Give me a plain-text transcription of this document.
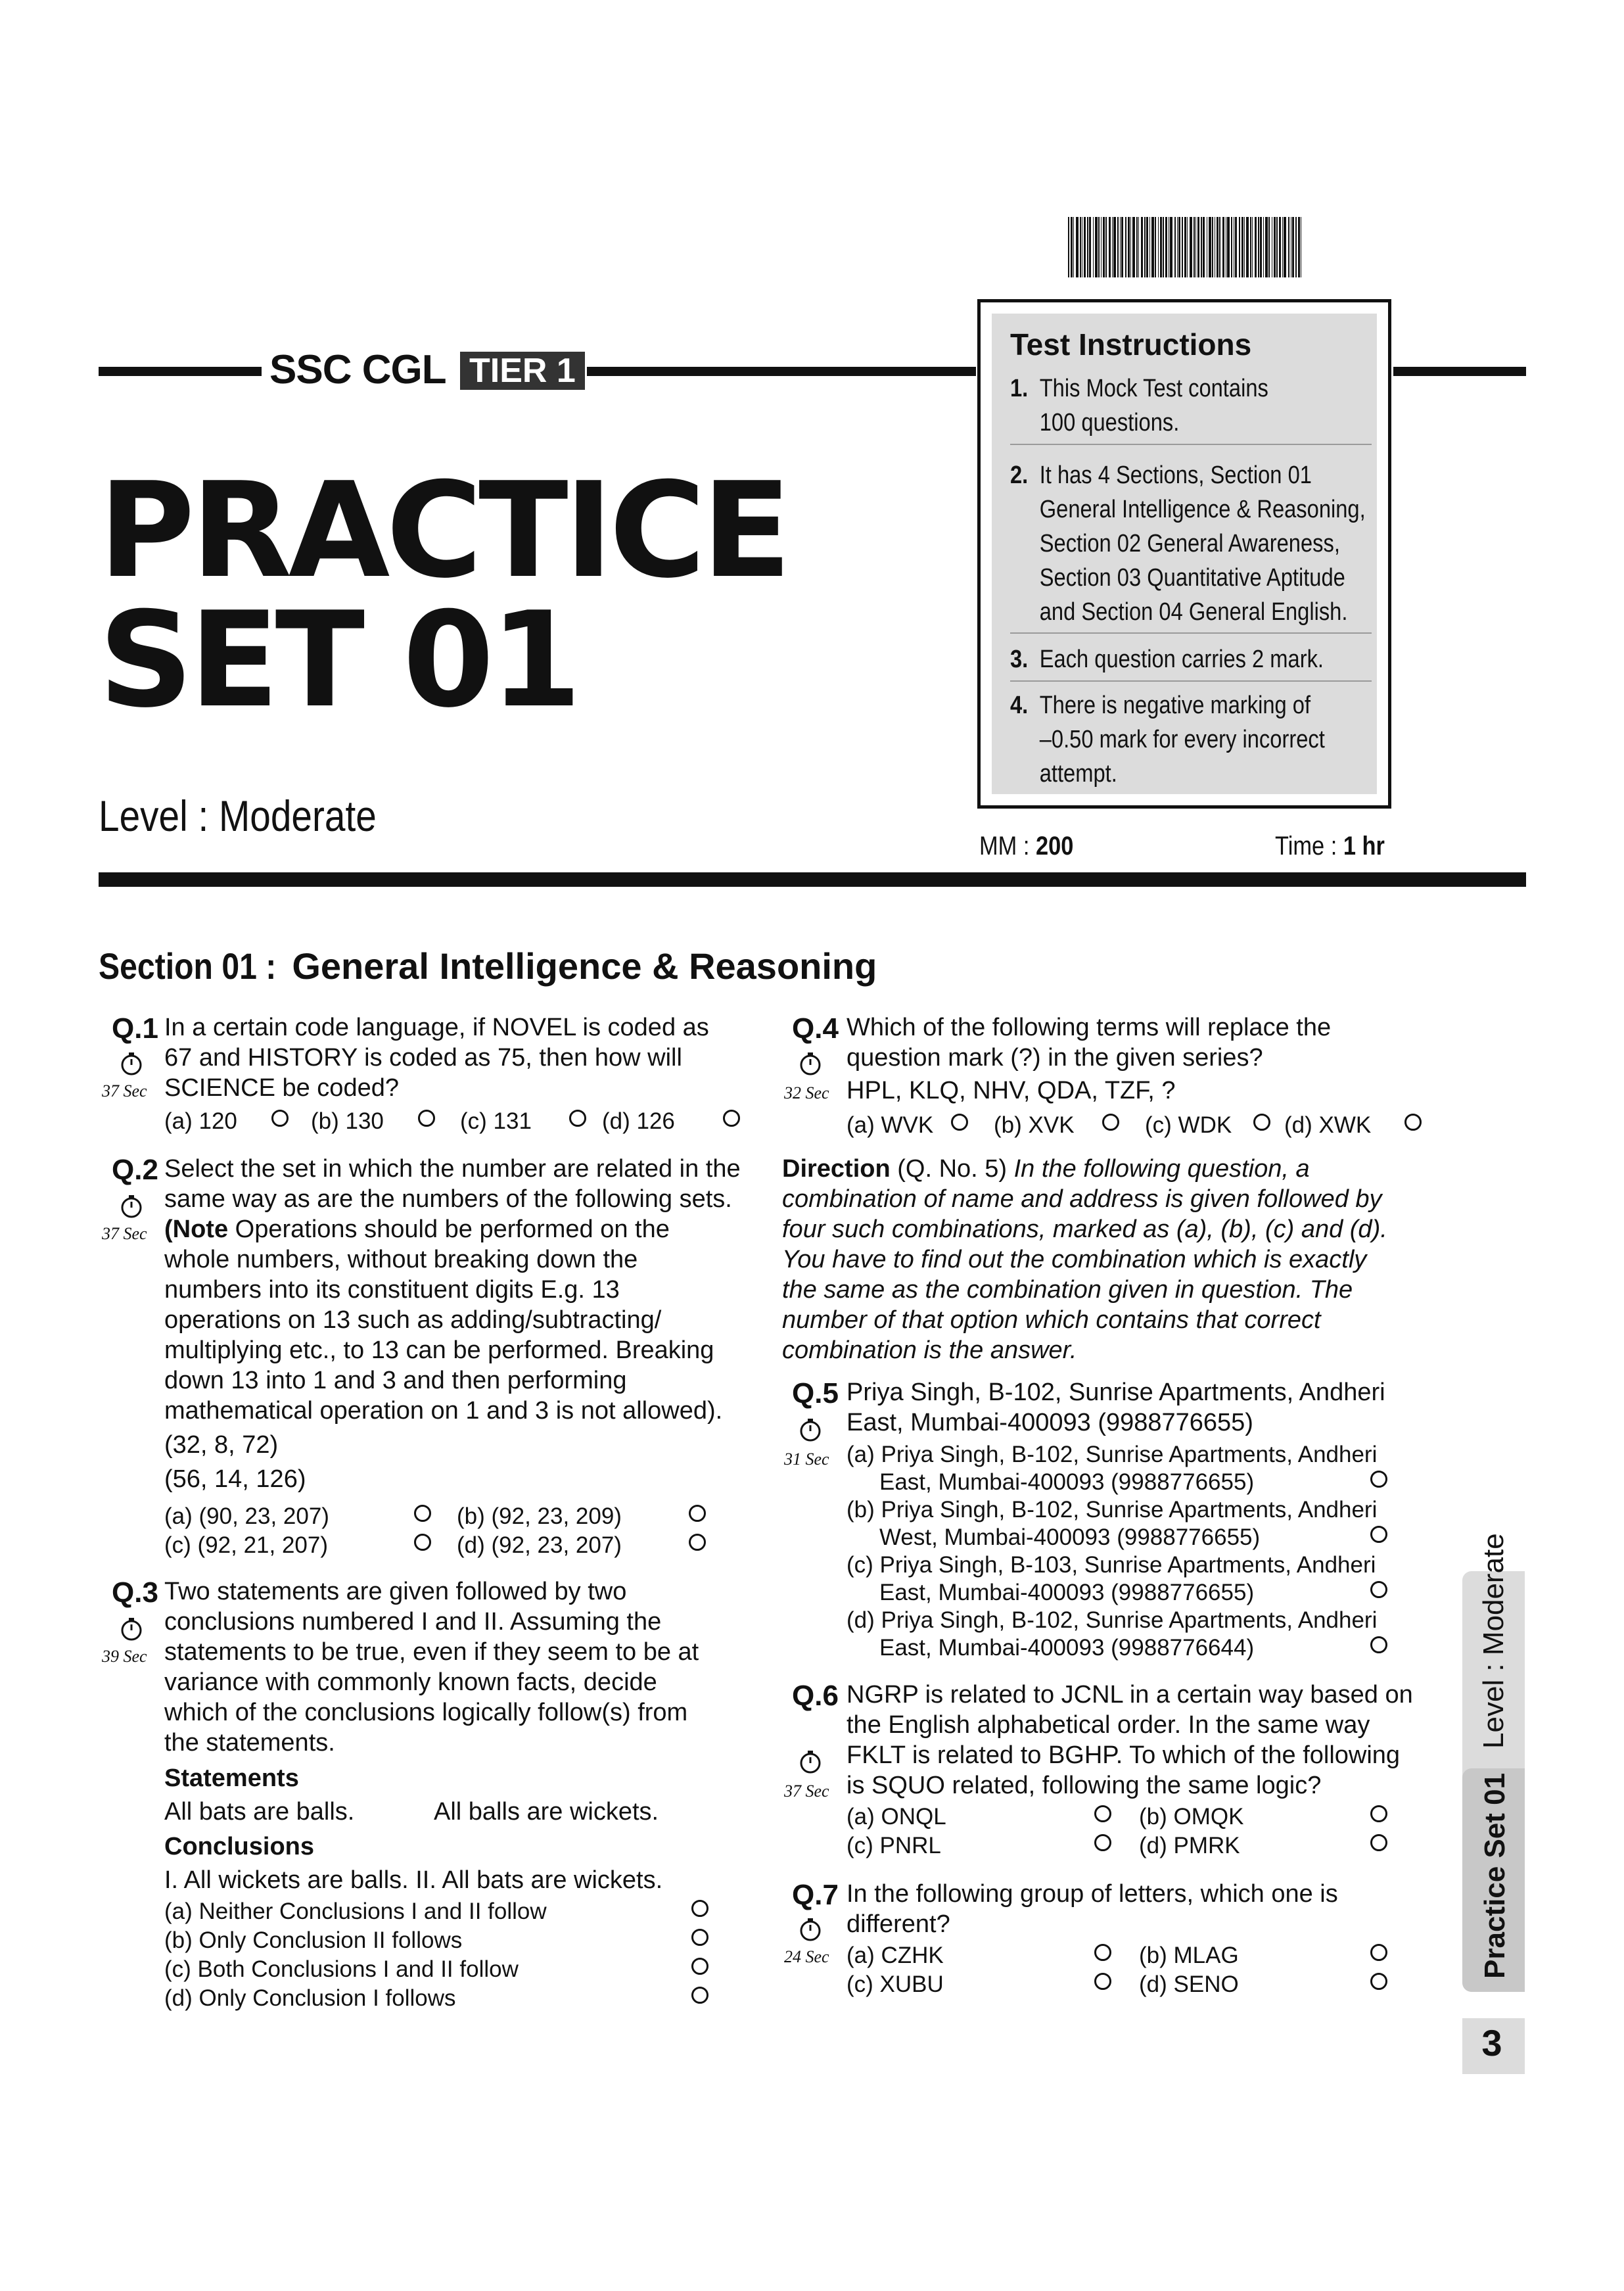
SSC CGL TIER 1
PRACTICE
SET 01
Level : Moderate
Test Instructions
1. This Mock Test contains
100 questions.
2. It has 4 Sections, Section 01
General Intelligence & Reasoning,
Section 02 General Awareness,
Section 03 Quantitative Aptitude
and Section 04 General English.
3. Each question carries 2 mark.
4. There is negative marking of
–0.50 mark for every incorrect
attempt.
MM : 200	Time : 1 hr
Section 01 :General Intelligence & Reasoning
Q.1
37 Sec
In a certain code language, if NOVEL is coded as
67 and HISTORY is coded as 75, then how will
SCIENCE be coded?
(a) 120	(b) 130	(c) 131	(d) 126
Q.2
37 Sec
Select the set in which the number are related in the
same way as are the numbers of the following sets.
(Note Operations should be performed on the
whole numbers, without breaking down the
numbers into its constituent digits E.g. 13
operations on 13 such as adding/subtracting/
multiplying etc., to 13 can be performed. Breaking
down 13 into 1 and 3 and then performing
mathematical operation on 1 and 3 is not allowed).
(32, 8, 72)
(56, 14, 126)
(a) (90, 23, 207)	(b) (92, 23, 209)
(c) (92, 21, 207)	(d) (92, 23, 207)
Q.3
39 Sec
Two statements are given followed by two
conclusions numbered I and II. Assuming the
statements to be true, even if they seem to be at
variance with commonly known facts, decide
which of the conclusions logically follow(s) from
the statements.
Statements
All bats are balls.	All balls are wickets.
Conclusions
I. All wickets are balls. II. All bats are wickets.
(a) Neither Conclusions I and II follow
(b) Only Conclusion II follows
(c) Both Conclusions I and II follow
(d) Only Conclusion I follows
Q.4
32 Sec
Which of the following terms will replace the
question mark (?) in the given series?
HPL, KLQ, NHV, QDA, TZF, ?
(a) WVK	(b) XVK	(c) WDK (d) XWK
Direction (Q. No. 5) In the following question, a
combination of name and address is given followed by
four such combinations, marked as (a), (b), (c) and (d).
You have to find out the combination which is exactly
the same as the combination given in question. The
number of that option which contains that correct
combination is the answer.
Q.5
31 Sec
Priya Singh, B-102, Sunrise Apartments, Andheri
East, Mumbai-400093 (9988776655)
(a) Priya Singh, B-102, Sunrise Apartments, Andheri
East, Mumbai-400093 (9988776655)
(b) Priya Singh, B-102, Sunrise Apartments, Andheri
West, Mumbai-400093 (9988776655)
(c) Priya Singh, B-103, Sunrise Apartments, Andheri
East, Mumbai-400093 (9988776655)
(d) Priya Singh, B-102, Sunrise Apartments, Andheri
East, Mumbai-400093 (9988776644)
Q.6
37 Sec
NGRP is related to JCNL in a certain way based on
the English alphabetical order. In the same way
FKLT is related to BGHP. To which of the following
is SQUO related, following the same logic?
(a) ONQL	(b) OMQK
(c) PNRL	(d) PMRK
Q.7
24 Sec
In the following group of letters, which one is
different?
(a) CZHK	(b) MLAG
(c) XUBU	(d) SENO
Level : Moderate
Practice Set 01
3
